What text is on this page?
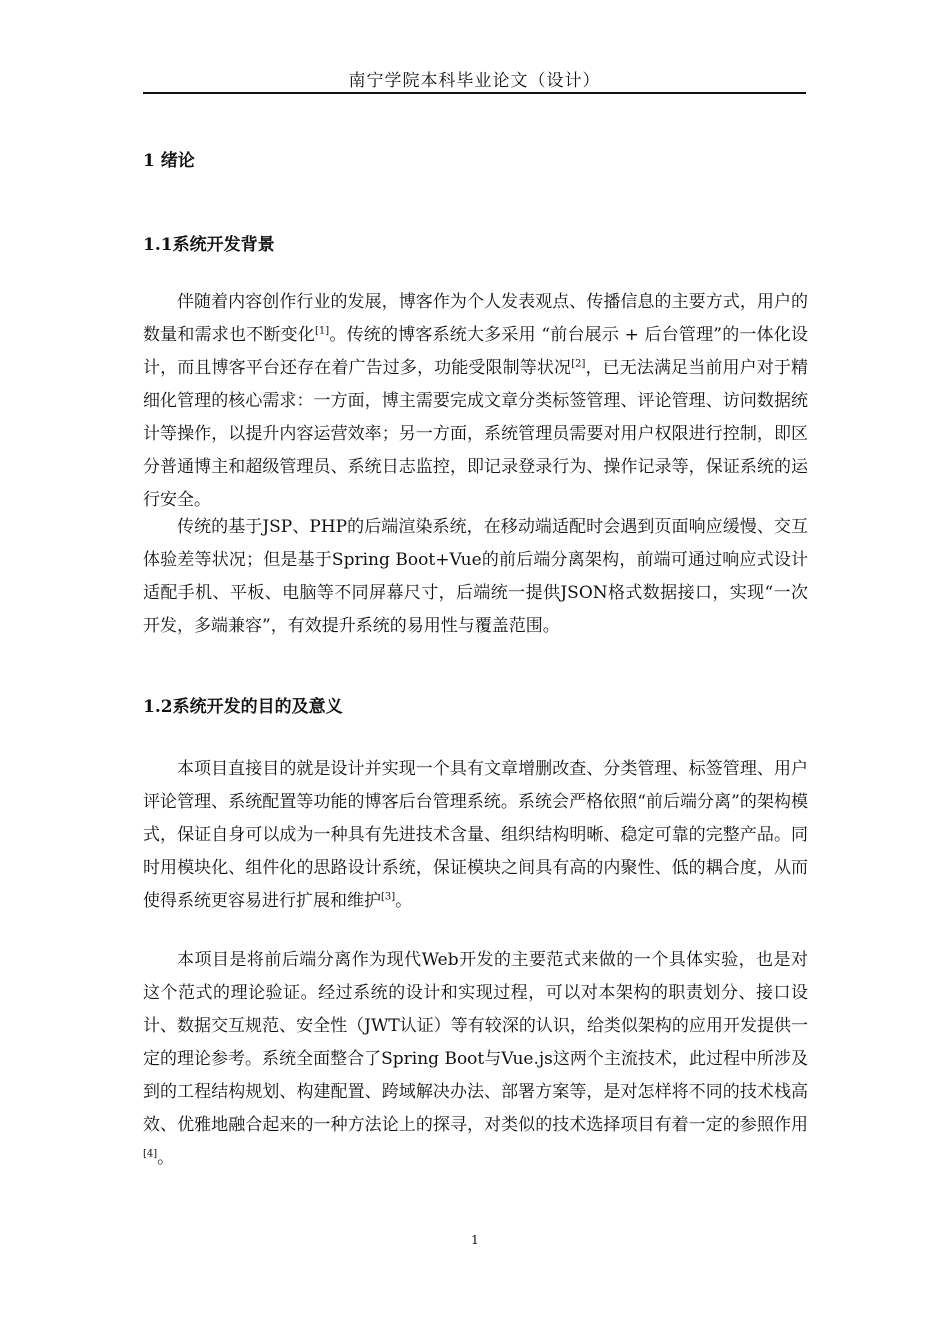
南宁学院本科毕业论文（设计）
1 绪论
1.1系统开发背景

伴随着内容创作行业的发展，博客作为个人发表观点、传播信息的主要方式，用户的数量和需求也不断变化[1]。传统的博客系统大多采用 “前台展示 + 后台管理”的一体化设计，而且博客平台还存在着广告过多，功能受限制等状况[2]，已无法满足当前用户对于精细化管理的核心需求：一方面，博主需要完成文章分类标签管理、评论管理、访问数据统计等操作，以提升内容运营效率；另一方面，系统管理员需要对用户权限进行控制，即区分普通博主和超级管理员、系统日志监控，即记录登录行为、操作记录等，保证系统的运行安全。

传统的基于JSP、PHP的后端渲染系统，在移动端适配时会遇到页面响应缓慢、交互体验差等状况；但是基于Spring Boot+Vue的前后端分离架构，前端可通过响应式设计适配手机、平板、电脑等不同屏幕尺寸，后端统一提供JSON格式数据接口，实现“一次开发，多端兼容”，有效提升系统的易用性与覆盖范围。

1.2系统开发的目的及意义

本项目直接目的就是设计并实现一个具有文章增删改查、分类管理、标签管理、用户评论管理、系统配置等功能的博客后台管理系统。系统会严格依照“前后端分离”的架构模式，保证自身可以成为一种具有先进技术含量、组织结构明晰、稳定可靠的完整产品。同时用模块化、组件化的思路设计系统，保证模块之间具有高的内聚性、低的耦合度，从而使得系统更容易进行扩展和维护[3]。

本项目是将前后端分离作为现代Web开发的主要范式来做的一个具体实验，也是对这个范式的理论验证。经过系统的设计和实现过程，可以对本架构的职责划分、接口设计、数据交互规范、安全性（JWT认证）等有较深的认识，给类似架构的应用开发提供一定的理论参考。系统全面整合了Spring Boot与Vue.js这两个主流技术，此过程中所涉及到的工程结构规划、构建配置、跨域解决办法、部署方案等，是对怎样将不同的技术栈高效、优雅地融合起来的一种方法论上的探寻，对类似的技术选择项目有着一定的参照作用[4]。

1
